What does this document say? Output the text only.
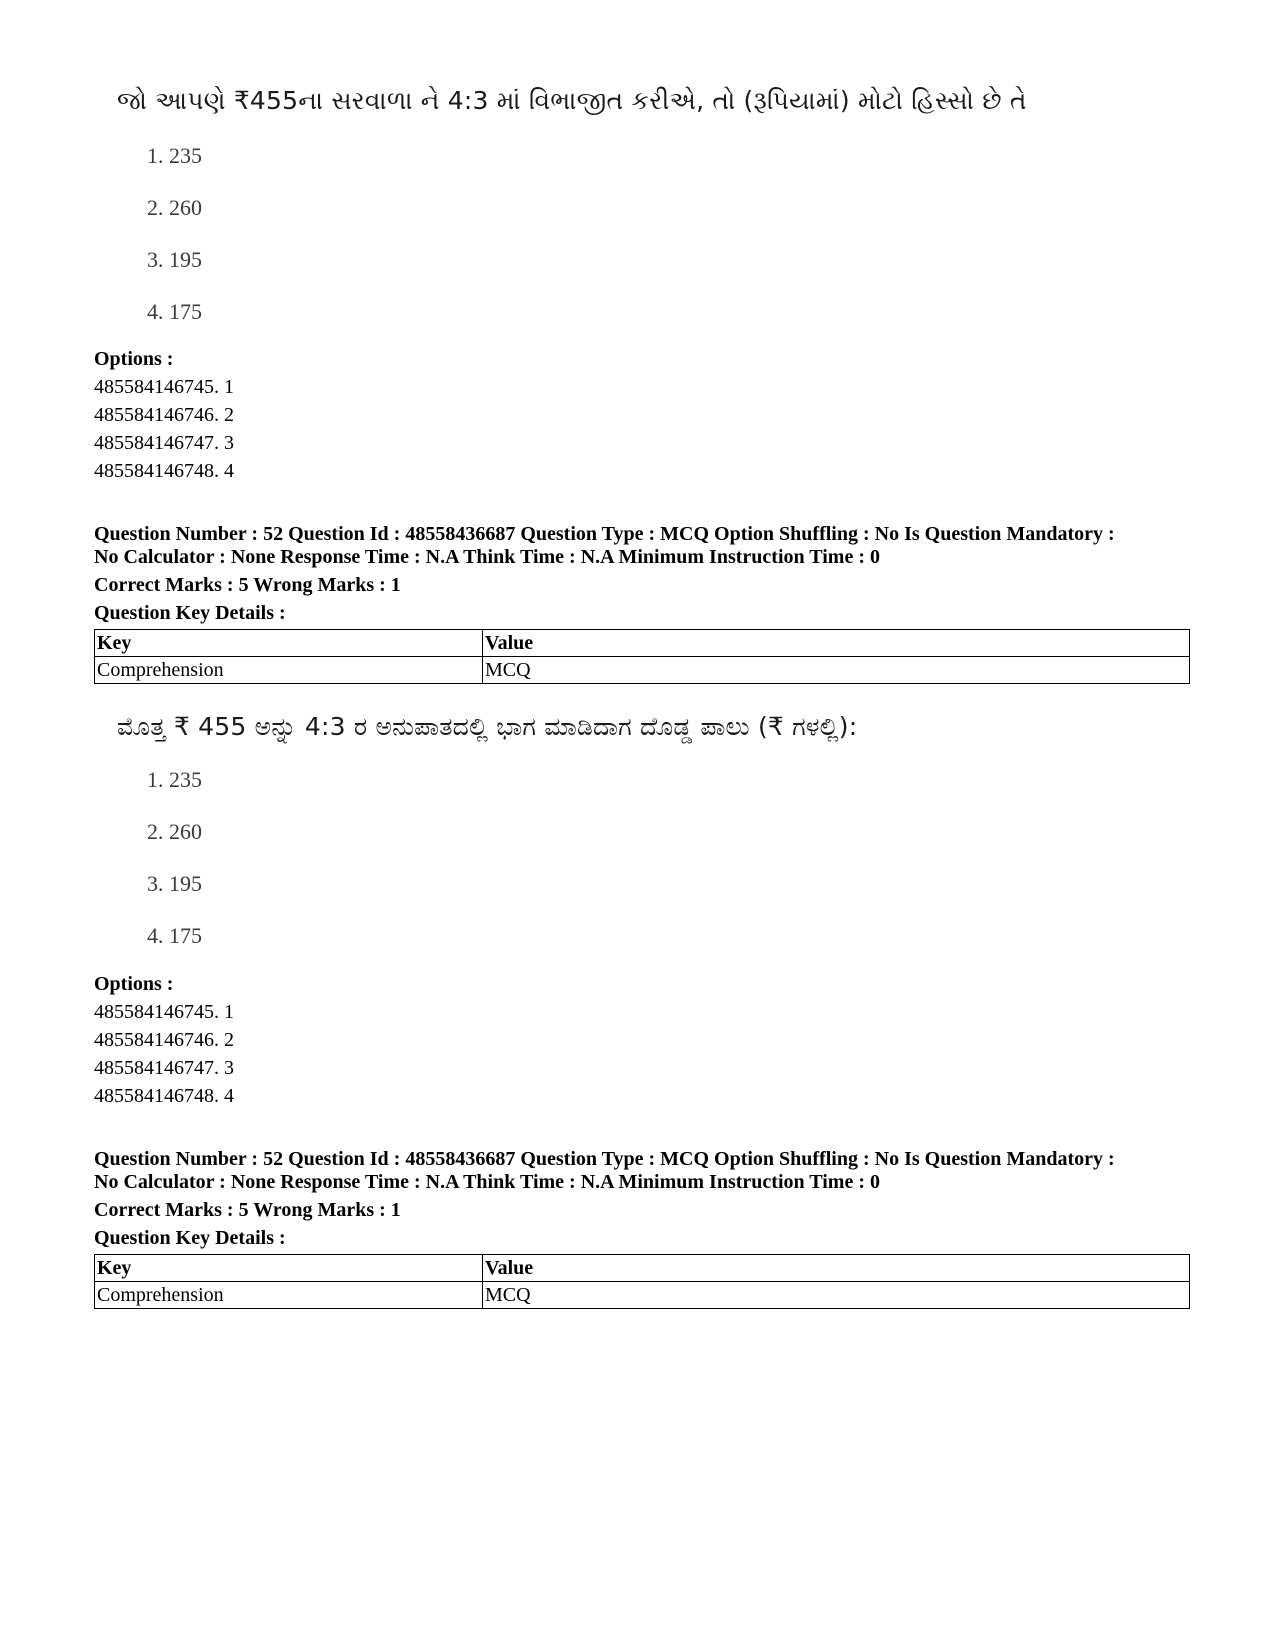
જો આપણે ₹455ના સરવાળા ને 4:3 માં વિભાજીત કરીએ, તો (રૂપિયામાં) મોટો હિસ્સો છે તે
1. 235
2. 260
3. 195
4. 175
Options :
485584146745. 1
485584146746. 2
485584146747. 3
485584146748. 4
Question Number : 52 Question Id : 48558436687 Question Type : MCQ Option Shuffling : No Is Question Mandatory :
No Calculator : None Response Time : N.A Think Time : N.A Minimum Instruction Time : 0
Correct Marks : 5 Wrong Marks : 1
Question Key Details :
Key	Value
Comprehension	MCQ
ಮೊತ್ತ ₹ 455 ಅನ್ನು 4:3 ರ ಅನುಪಾತದಲ್ಲಿ ಭಾಗ ಮಾಡಿದಾಗ ದೊಡ್ಡ ಪಾಲು (₹ ಗಳಲ್ಲಿ):
1. 235
2. 260
3. 195
4. 175
Options :
485584146745. 1
485584146746. 2
485584146747. 3
485584146748. 4
Question Number : 52 Question Id : 48558436687 Question Type : MCQ Option Shuffling : No Is Question Mandatory :
No Calculator : None Response Time : N.A Think Time : N.A Minimum Instruction Time : 0
Correct Marks : 5 Wrong Marks : 1
Question Key Details :
Key	Value
Comprehension	MCQ
